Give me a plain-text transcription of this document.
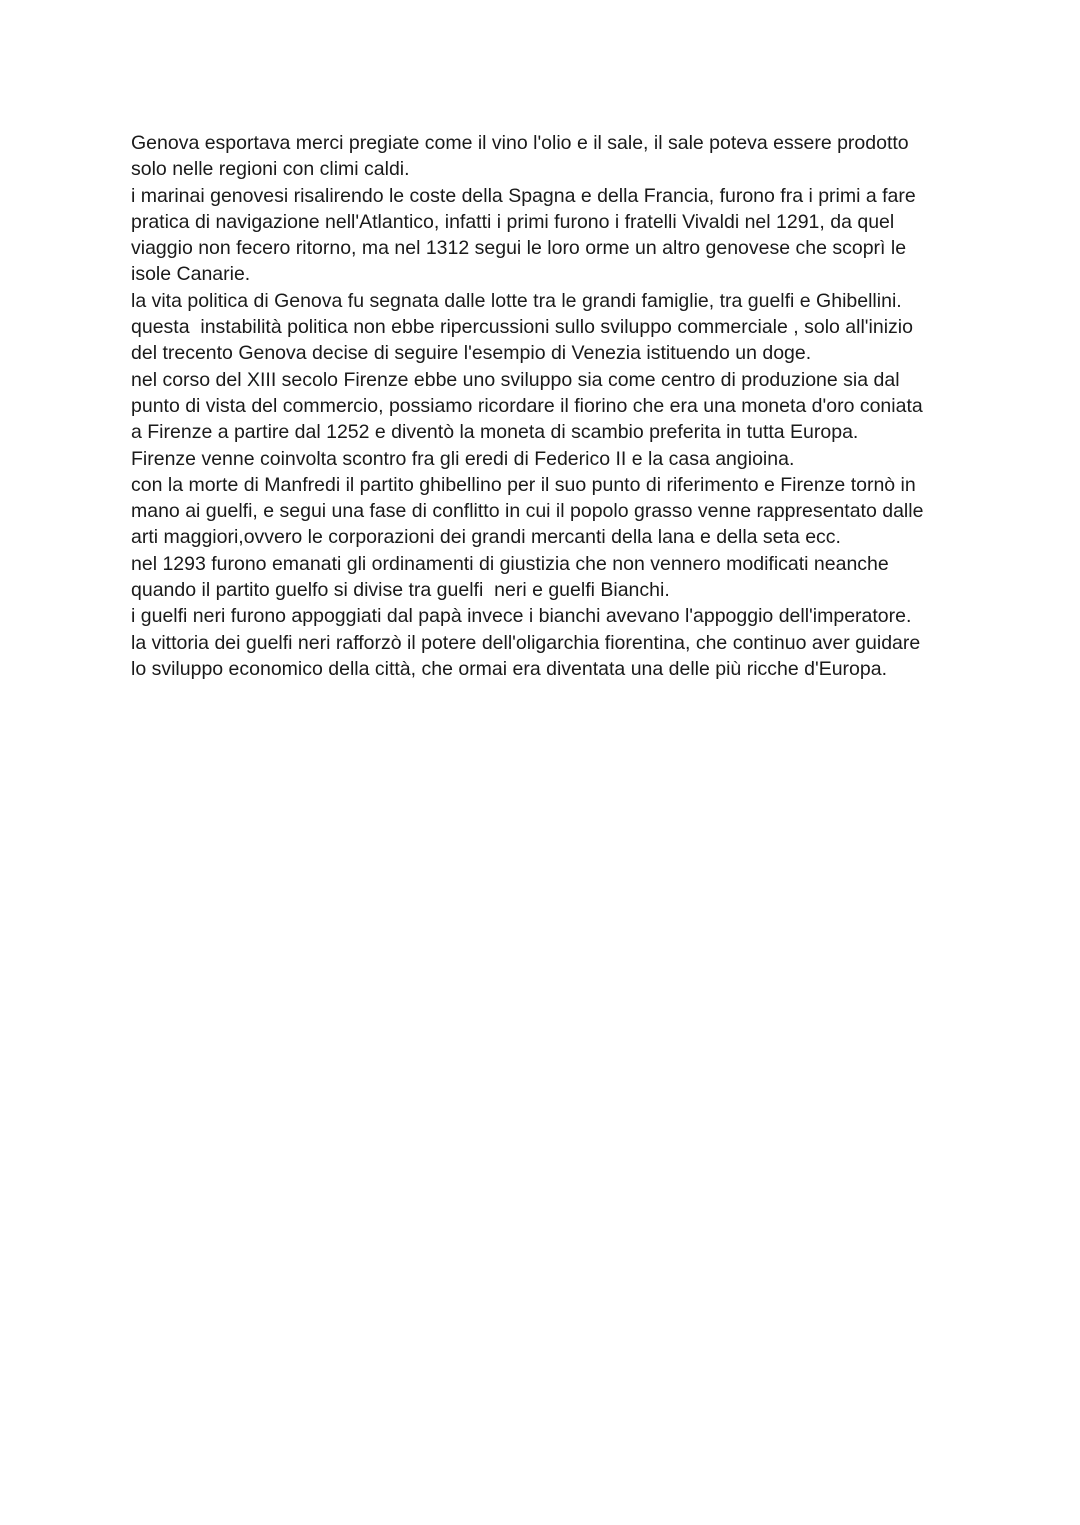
Genova esportava merci pregiate come il vino l'olio e il sale, il sale poteva essere prodotto
solo nelle regioni con climi caldi.
i marinai genovesi risalirendo le coste della Spagna e della Francia, furono fra i primi a fare
pratica di navigazione nell'Atlantico, infatti i primi furono i fratelli Vivaldi nel 1291, da quel
viaggio non fecero ritorno, ma nel 1312 segui le loro orme un altro genovese che scoprì le
isole Canarie.
la vita politica di Genova fu segnata dalle lotte tra le grandi famiglie, tra guelfi e Ghibellini.
questa  instabilità politica non ebbe ripercussioni sullo sviluppo commerciale , solo all'inizio
del trecento Genova decise di seguire l'esempio di Venezia istituendo un doge.
nel corso del XIII secolo Firenze ebbe uno sviluppo sia come centro di produzione sia dal
punto di vista del commercio, possiamo ricordare il fiorino che era una moneta d'oro coniata
a Firenze a partire dal 1252 e diventò la moneta di scambio preferita in tutta Europa.
Firenze venne coinvolta scontro fra gli eredi di Federico II e la casa angioina.
con la morte di Manfredi il partito ghibellino per il suo punto di riferimento e Firenze tornò in
mano ai guelfi, e segui una fase di conflitto in cui il popolo grasso venne rappresentato dalle
arti maggiori,ovvero le corporazioni dei grandi mercanti della lana e della seta ecc.
nel 1293 furono emanati gli ordinamenti di giustizia che non vennero modificati neanche
quando il partito guelfo si divise tra guelfi  neri e guelfi Bianchi.
i guelfi neri furono appoggiati dal papà invece i bianchi avevano l'appoggio dell'imperatore.
la vittoria dei guelfi neri rafforzò il potere dell'oligarchia fiorentina, che continuo aver guidare
lo sviluppo economico della città, che ormai era diventata una delle più ricche d'Europa.
